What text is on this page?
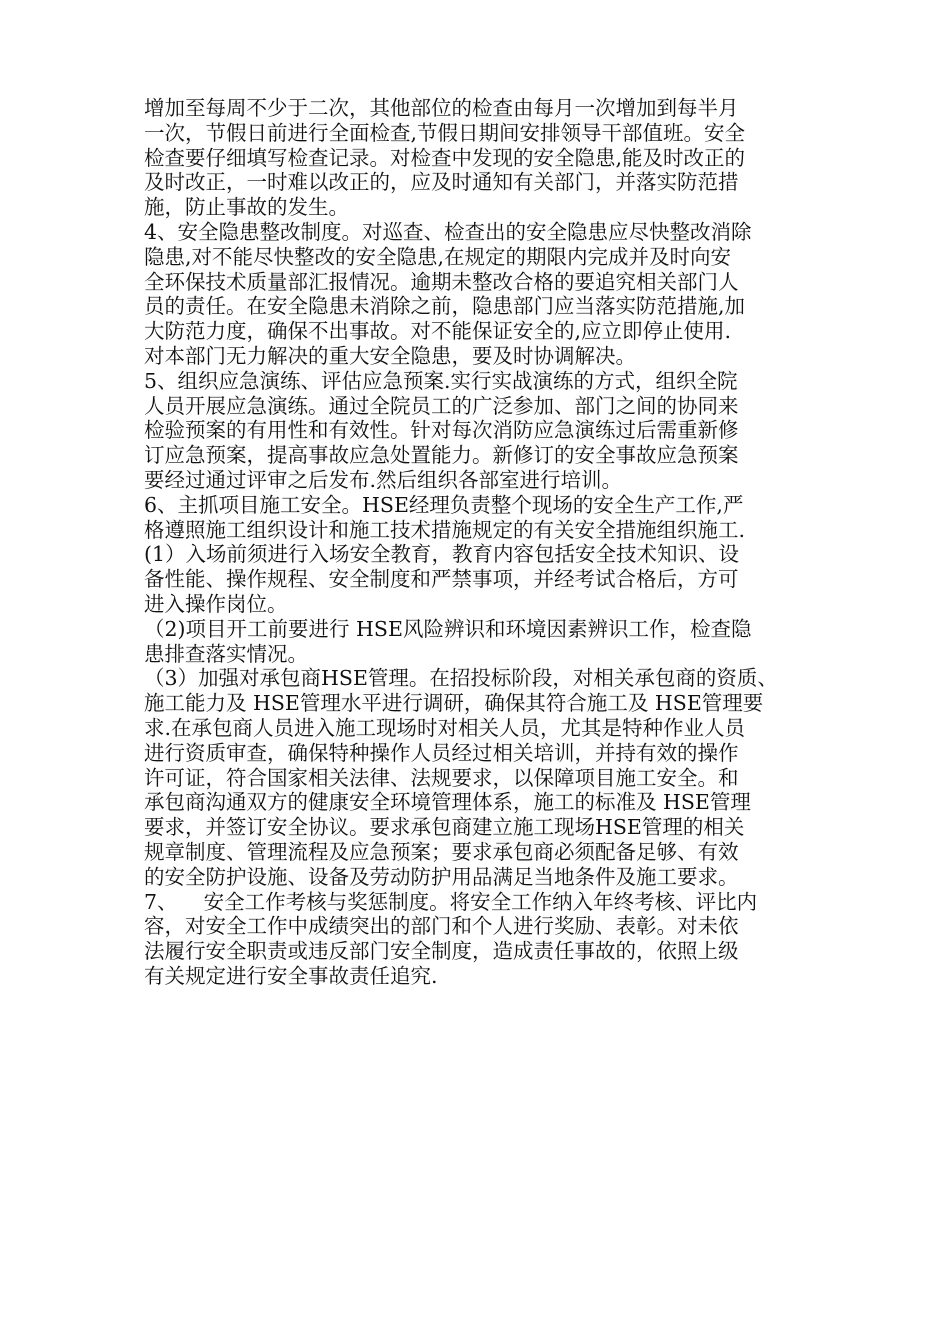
增加至每周不少于二次，其他部位的检查由每月一次增加到每半月
一次，节假日前进行全面检查,节假日期间安排领导干部值班。安全
检查要仔细填写检查记录。对检查中发现的安全隐患,能及时改正的
及时改正，一时难以改正的，应及时通知有关部门，并落实防范措
施，防止事故的发生。
4、安全隐患整改制度。对巡查、检查出的安全隐患应尽快整改消除
隐患,对不能尽快整改的安全隐患,在规定的期限内完成并及时向安
全环保技术质量部汇报情况。逾期未整改合格的要追究相关部门人
员的责任。在安全隐患未消除之前，隐患部门应当落实防范措施,加
大防范力度，确保不出事故。对不能保证安全的,应立即停止使用.
对本部门无力解决的重大安全隐患，要及时协调解决。
5、组织应急演练、评估应急预案.实行实战演练的方式，组织全院
人员开展应急演练。通过全院员工的广泛参加、部门之间的协同来
检验预案的有用性和有效性。针对每次消防应急演练过后需重新修
订应急预案，提高事故应急处置能力。新修订的安全事故应急预案
要经过通过评审之后发布.然后组织各部室进行培训。
6、主抓项目施工安全。HSE经理负责整个现场的安全生产工作,严
格遵照施工组织设计和施工技术措施规定的有关安全措施组织施工.
(1）入场前须进行入场安全教育，教育内容包括安全技术知识、设
备性能、操作规程、安全制度和严禁事项，并经考试合格后，方可
进入操作岗位。
（2)项目开工前要进行 HSE风险辨识和环境因素辨识工作，检查隐
患排查落实情况。
（3）加强对承包商HSE管理。在招投标阶段，对相关承包商的资质、
施工能力及 HSE管理水平进行调研，确保其符合施工及 HSE管理要
求.在承包商人员进入施工现场时对相关人员，尤其是特种作业人员
进行资质审查，确保特种操作人员经过相关培训，并持有效的操作
许可证，符合国家相关法律、法规要求，以保障项目施工安全。和
承包商沟通双方的健康安全环境管理体系，施工的标准及 HSE管理
要求，并签订安全协议。要求承包商建立施工现场HSE管理的相关
规章制度、管理流程及应急预案；要求承包商必须配备足够、有效
的安全防护设施、设备及劳动防护用品满足当地条件及施工要求。
7、    安全工作考核与奖惩制度。将安全工作纳入年终考核、评比内
容，对安全工作中成绩突出的部门和个人进行奖励、表彰。对未依
法履行安全职责或违反部门安全制度，造成责任事故的，依照上级
有关规定进行安全事故责任追究.
